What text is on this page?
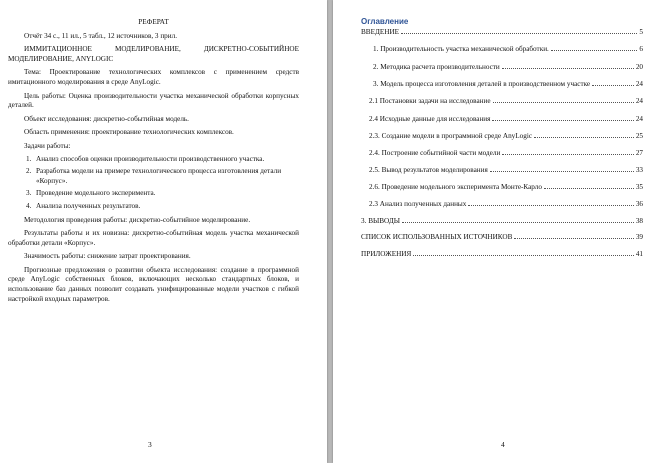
РЕФЕРАТ

Отчёт 34 с., 11 ил., 5 табл., 12 источников, 3 прил.

ИММИТАЦИОННОЕ МОДЕЛИРОВАНИЕ, ДИСКРЕТНО-СОБЫТИЙНОЕ МОДЕЛИРОВАНИЕ, ANYLOGIC

Тема: Проектирование технологических комплексов с применением средств имитационного моделирования в среде AnyLogic.

Цель работы: Оценка производительности участка механической обработки корпусных деталей.

Объект исследования: дискретно-событийная модель.

Область применения: проектирование технологических комплексов.

Задачи работы:

1. Анализ способов оценки производительности производственного участка.
2. Разработка модели на примере технологического процесса изготовления детали «Корпус».
3. Проведение модельного эксперимента.
4. Анализа полученных результатов.

Методология проведения работы: дискретно-событийное моделирование.

Результаты работы и их новизна: дискретно-событийная модель участка механической обработки детали «Корпус».

Значимость работы: снижение затрат проектирования.

Прогнозные предложения о развитии объекта исследования: создание в программной среде AnyLogic собственных блоков, включающих несколько стандартных блоков, и использование баз данных позволит создавать унифицированные модели участков с гибкой настройкой входных параметров.

3
Оглавление
ВВЕДЕНИЕ	5
1. Производительность участка механической обработки.	6
2. Методика расчета производительности	20
3. Модель процесса изготовления деталей в производственном участке	24
2.1 Постановки задачи на исследование	24
2.4 Исходные данные для исследования	24
2.3. Создание модели в программной среде AnyLogic	25
2.4. Построение событийной части модели	27
2.5. Вывод результатов моделирования	33
2.6. Проведение модельного эксперимента Монте-Карло	35
2.3 Анализ полученных данных	36
3. ВЫВОДЫ	38
СПИСОК ИСПОЛЬЗОВАННЫХ ИСТОЧНИКОВ	39
ПРИЛОЖЕНИЯ	41
4
